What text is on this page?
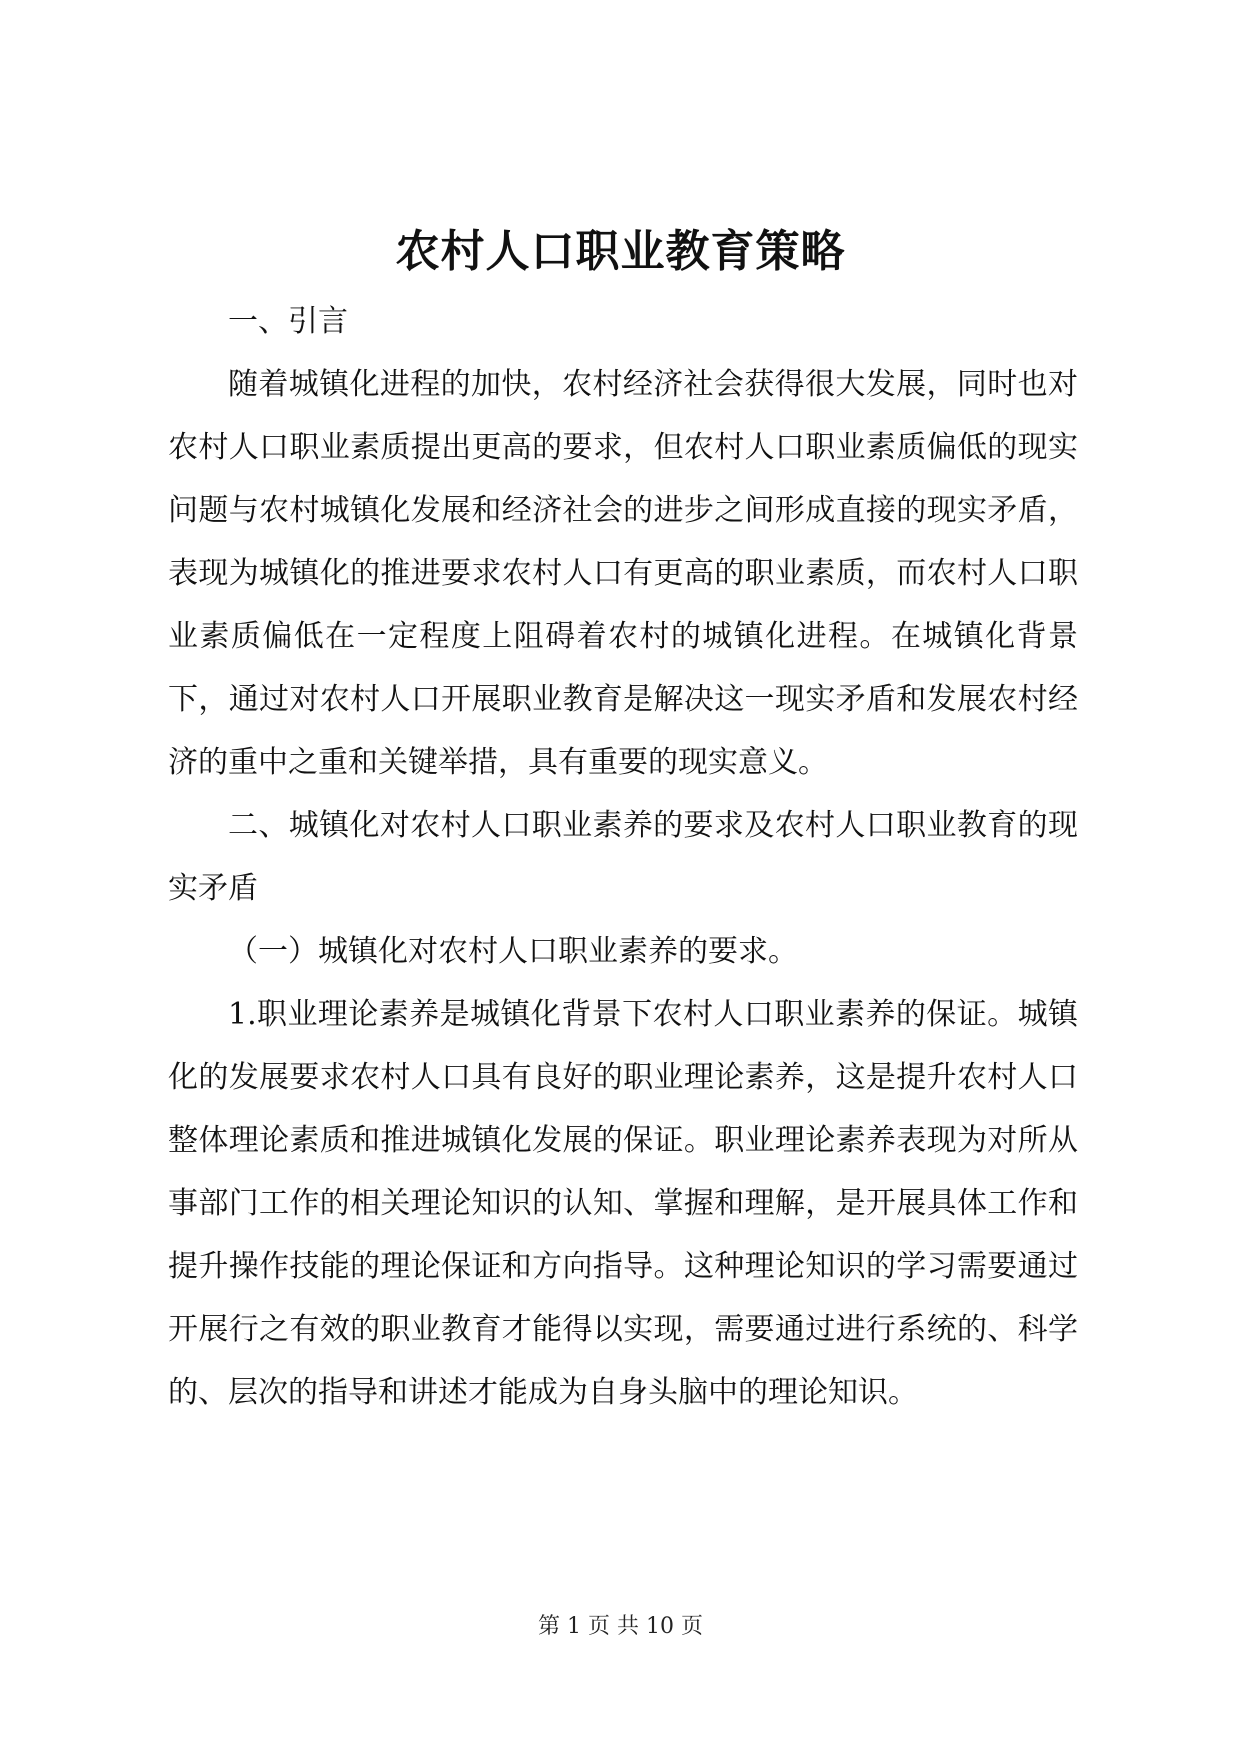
农村人口职业教育策略

一、引言

随着城镇化进程的加快，农村经济社会获得很大发展，同时也对农村人口职业素质提出更高的要求，但农村人口职业素质偏低的现实问题与农村城镇化发展和经济社会的进步之间形成直接的现实矛盾，表现为城镇化的推进要求农村人口有更高的职业素质，而农村人口职业素质偏低在一定程度上阻碍着农村的城镇化进程。在城镇化背景下，通过对农村人口开展职业教育是解决这一现实矛盾和发展农村经济的重中之重和关键举措，具有重要的现实意义。

二、城镇化对农村人口职业素养的要求及农村人口职业教育的现实矛盾

（一）城镇化对农村人口职业素养的要求。

1.职业理论素养是城镇化背景下农村人口职业素养的保证。城镇化的发展要求农村人口具有良好的职业理论素养，这是提升农村人口整体理论素质和推进城镇化发展的保证。职业理论素养表现为对所从事部门工作的相关理论知识的认知、掌握和理解，是开展具体工作和提升操作技能的理论保证和方向指导。这种理论知识的学习需要通过开展行之有效的职业教育才能得以实现，需要通过进行系统的、科学的、层次的指导和讲述才能成为自身头脑中的理论知识。

第 1 页 共 10 页
